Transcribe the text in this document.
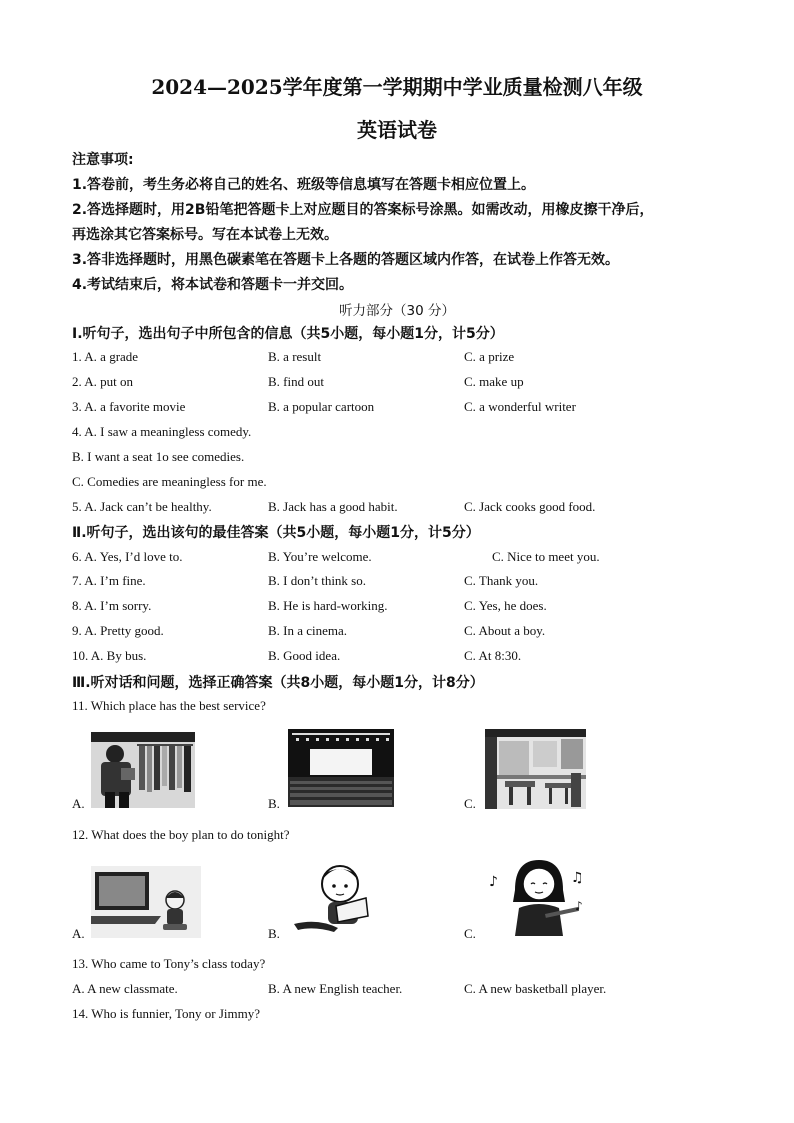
2024—2025学年度第一学期期中学业质量检测八年级
英语试卷
注意事项:
1.答卷前，考生务必将自己的姓名、班级等信息填写在答题卡相应位置上。
2.答选择题时，用2B铅笔把答题卡上对应题目的答案标号涂黑。如需改动，用橡皮擦干净后，
再选涂其它答案标号。写在本试卷上无效。
3.答非选择题时，用黑色碳素笔在答题卡上各题的答题区域内作答，在试卷上作答无效。
4.考试结束后，将本试卷和答题卡一并交回。
听力部分（30 分）
Ⅰ.听句子，选出句子中所包含的信息（共5小题，每小题1分，计5分）
1. A. a grade	B. a result	C. a prize
2. A. put on	B. find out	C. make up
3. A. a favorite movie	B. a popular cartoon	C. a wonderful writer
4. A. I saw a meaningless comedy.
B. I want a seat 1o see comedies.
C. Comedies are meaningless for me.
5. A. Jack can’t be healthy.	B. Jack has a good habit.	C. Jack cooks good food.
Ⅱ.听句子，选出该句的最佳答案（共5小题，每小题1分，计5分）
6. A. Yes, I’d love to.	B. You’re welcome.	C. Nice to meet you.
7. A. I’m fine.	B. I don’t think so.	C. Thank you.
8. A. I’m sorry.	B. He is hard-working.	C. Yes, he does.
9. A. Pretty good.	B. In a cinema.	C. About a boy.
10. A. By bus.	B. Good idea.	C. At 8:30.
Ⅲ.听对话和问题，选择正确答案（共8小题，每小题1分，计8分）
11. Which place has the best service?
A.	B.	C.
12. What does the boy plan to do tonight?
A.	B.	C.
♪	♫
♪
13. Who came to Tony’s class today?
A. A new classmate.	B. A new English teacher.	C. A new basketball player.
14. Who is funnier, Tony or Jimmy?
